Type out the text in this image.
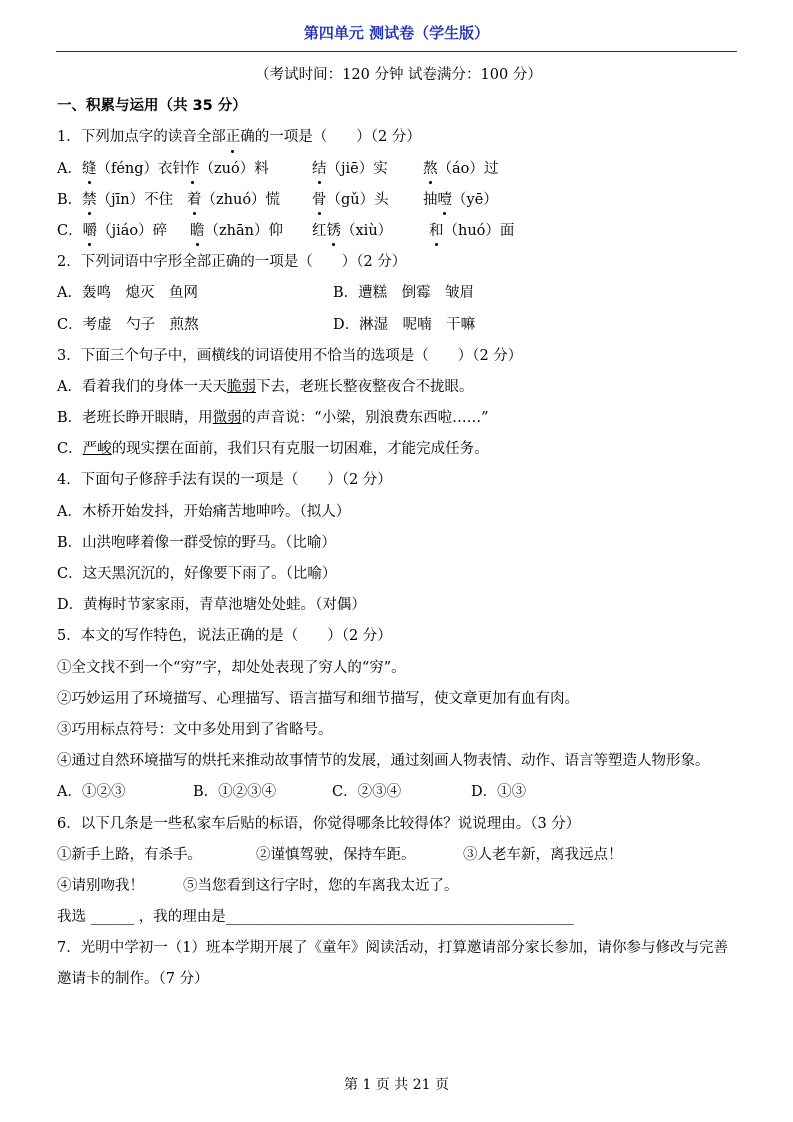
第四单元 测试卷（学生版）
（考试时间：120 分钟 试卷满分：100 分）
一、积累与运用（共 35 分）
1．下列加点字的读音全部正确的一项是（　　）（2 分）
A．缝（féng）衣针作（zuó）料	结（jiē）实 熬（áo）过
B．禁（jīn）不住 着（zhuó）慌 骨（gǔ）头 抽噎（yē）
C．嚼（jiáo）碎 瞻（zhān）仰 红锈（xiù）	和（huó）面
2．下列词语中字形全部正确的一项是（　　）（2 分）
A．轰鸣　熄灭　鱼网	B．遭糕　倒霉　皱眉
C．考虚　勺子　煎熬	D．淋湿　呢喃　干嘛
3．下面三个句子中，画横线的词语使用不恰当的选项是（　　）（2 分）
A．看着我们的身体一天天脆弱下去，老班长整夜整夜合不拢眼。
B．老班长睁开眼睛，用微弱的声音说：“小梁，别浪费东西啦……”
C．严峻的现实摆在面前，我们只有克服一切困难，才能完成任务。
4．下面句子修辞手法有误的一项是（　　）（2 分）
A．木桥开始发抖，开始痛苦地呻吟。（拟人）
B．山洪咆哮着像一群受惊的野马。（比喻）
C．这天黑沉沉的，好像要下雨了。（比喻）
D．黄梅时节家家雨，青草池塘处处蛙。（对偶）
5．本文的写作特色，说法正确的是（　　）（2 分）
①全文找不到一个“穷”字，却处处表现了穷人的“穷”。
②巧妙运用了环境描写、心理描写、语言描写和细节描写，使文章更加有血有肉。
③巧用标点符号：文中多处用到了省略号。
④通过自然环境描写的烘托来推动故事情节的发展，通过刻画人物表情、动作、语言等塑造人物形象。
A．①②③	B．①②③④	C．②③④	D．①③
6．以下几条是一些私家车后贴的标语，你觉得哪条比较得体？说说理由。（3 分）
①新手上路，有杀手。	②谨慎驾驶，保持车距。	③人老车新，离我远点！
④请别吻我！	⑤当您看到这行字时，您的车离我太近了。
我选 ______ ，我的理由是________________________________________________
7．光明中学初一（1）班本学期开展了《童年》阅读活动，打算邀请部分家长参加，请你参与修改与完善邀请卡的制作。（7 分）
第 1 页 共 21 页
